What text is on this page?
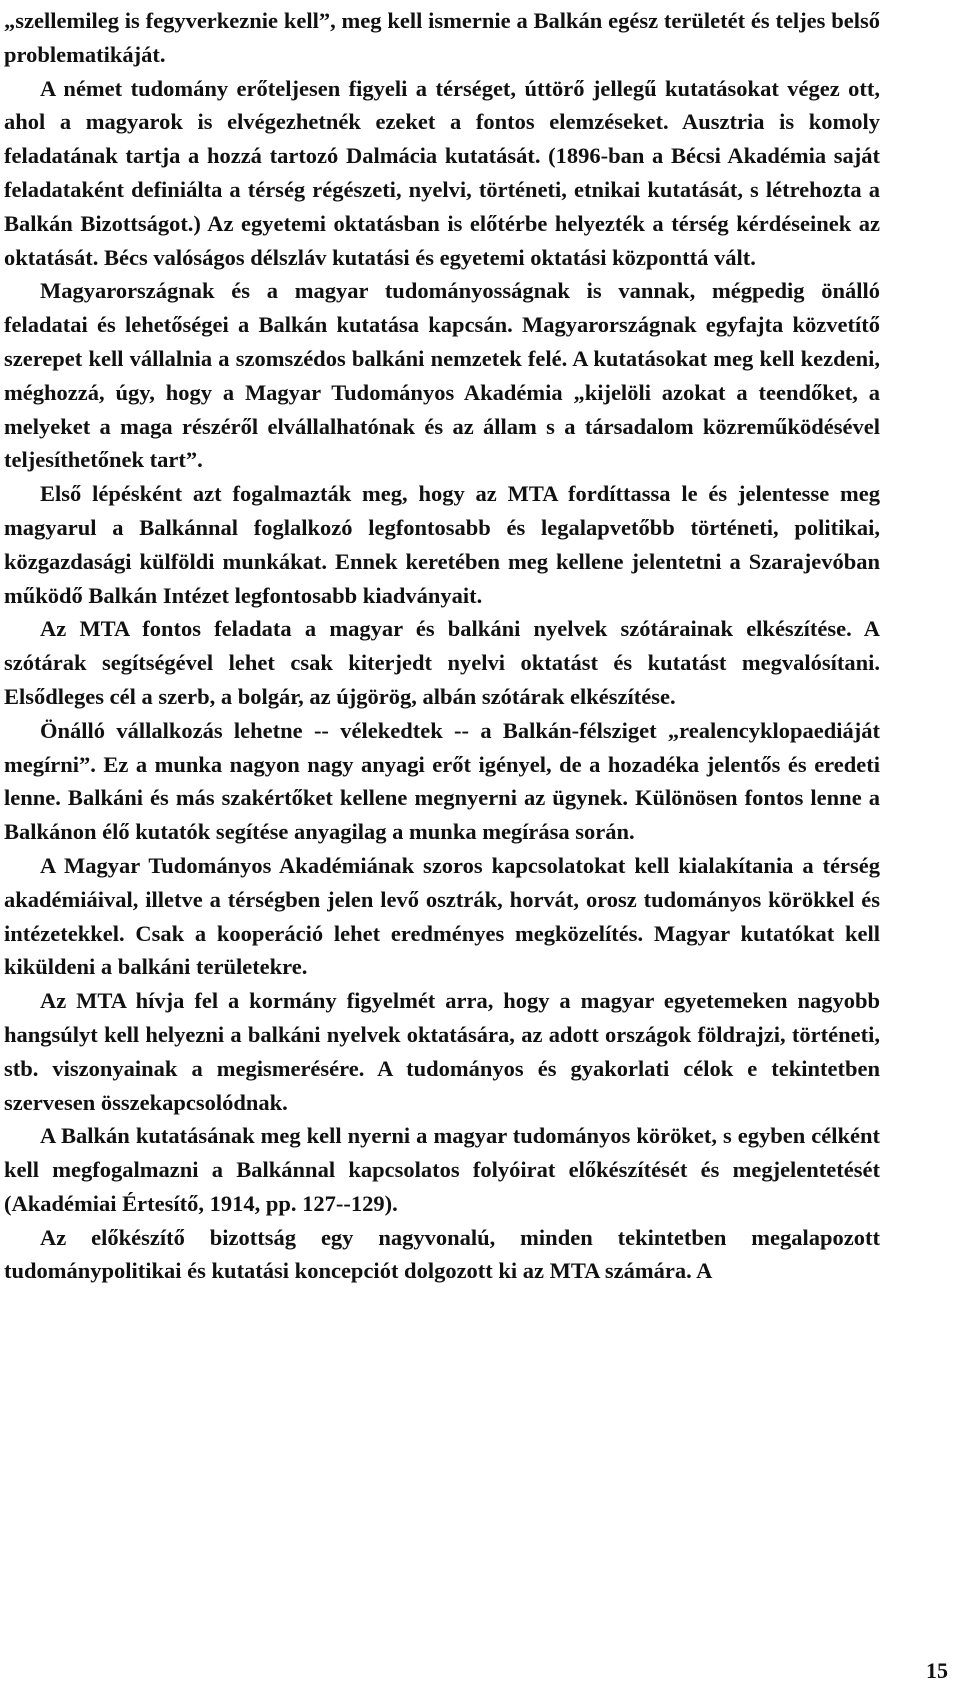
„szellemileg is fegyverkeznie kell”, meg kell ismernie a Balkán egész területét és teljes belső problematikáját.

A német tudomány erőteljesen figyeli a térséget, úttörő jellegű kutatásokat végez ott, ahol a magyarok is elvégezhetnék ezeket a fontos elemzéseket. Ausztria is komoly feladatának tartja a hozzá tartozó Dalmácia kutatását. (1896-ban a Bécsi Akadémia saját feladataként definiálta a térség régészeti, nyelvi, történeti, etnikai kutatását, s létrehozta a Balkán Bizottságot.) Az egyetemi oktatásban is előtérbe helyezték a térség kérdéseinek az oktatását. Bécs valóságos délszláv kutatási és egyetemi oktatási központtá vált.

Magyarországnak és a magyar tudományosságnak is vannak, mégpedig önálló feladatai és lehetőségei a Balkán kutatása kapcsán. Magyarországnak egyfajta közvetítő szerepet kell vállalnia a szomszédos balkáni nemzetek felé. A kutatásokat meg kell kezdeni, méghozzá, úgy, hogy a Magyar Tudományos Akadémia „kijelöli azokat a teendőket, a melyeket a maga részéről elvállalhatónak és az állam s a társadalom közreműködésével teljesíthetőnek tart”.

Első lépésként azt fogalmazták meg, hogy az MTA fordíttassa le és jelentesse meg magyarul a Balkánnal foglalkozó legfontosabb és legalapvetőbb történeti, politikai, közgazdasági külföldi munkákat. Ennek keretében meg kellene jelentetni a Szarajevóban működő Balkán Intézet legfontosabb kiadványait.

Az MTA fontos feladata a magyar és balkáni nyelvek szótárainak elkészítése. A szótárak segítségével lehet csak kiterjedt nyelvi oktatást és kutatást megvalósítani. Elsődleges cél a szerb, a bolgár, az újgörög, albán szótárak elkészítése.

Önálló vállalkozás lehetne -- vélekedtek -- a Balkán-félsziget „realencyklopaediáját megírni”. Ez a munka nagyon nagy anyagi erőt igényel, de a hozadéka jelentős és eredeti lenne. Balkáni és más szakértőket kellene megnyerni az ügynek. Különösen fontos lenne a Balkánon élő kutatók segítése anyagilag a munka megírása során.

A Magyar Tudományos Akadémiának szoros kapcsolatokat kell kialakítania a térség akadémiáival, illetve a térségben jelen levő osztrák, horvát, orosz tudományos körökkel és intézetekkel. Csak a kooperáció lehet eredményes megközelítés. Magyar kutatókat kell kiküldeni a balkáni területekre.

Az MTA hívja fel a kormány figyelmét arra, hogy a magyar egyetemeken nagyobb hangsúlyt kell helyezni a balkáni nyelvek oktatására, az adott országok földrajzi, történeti, stb. viszonyainak a megismerésére. A tudományos és gyakorlati célok e tekintetben szervesen összekapcsolódnak.

A Balkán kutatásának meg kell nyerni a magyar tudományos köröket, s egyben célként kell megfogalmazni a Balkánnal kapcsolatos folyóirat előkészítését és megjelentetését (Akadémiai Értesítő, 1914, pp. 127--129).

Az előkészítő bizottság egy nagyvonalú, minden tekintetben megalapozott tudománypolitikai és kutatási koncepciót dolgozott ki az MTA számára. A

15
